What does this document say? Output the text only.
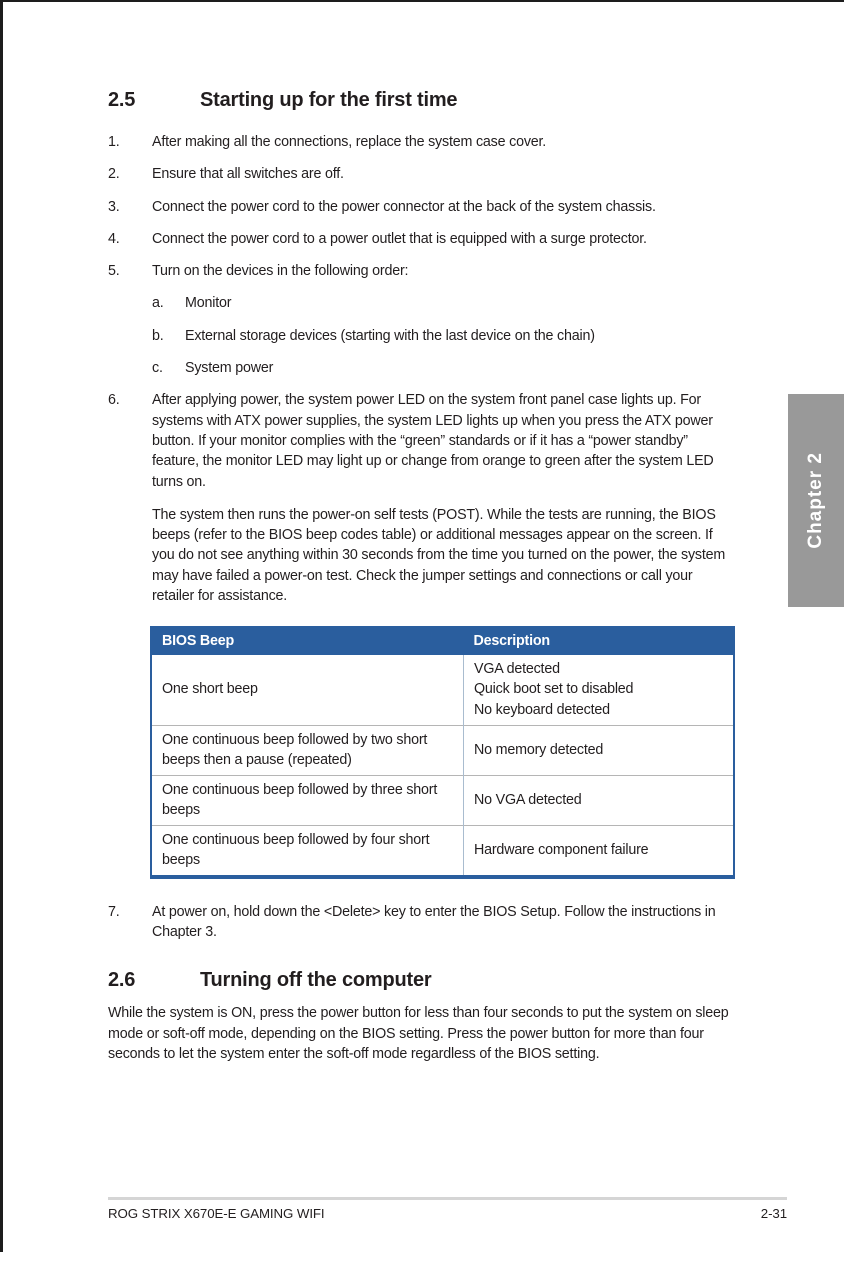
Chapter 2
2.5	Starting up for the first time
1.	After making all the connections, replace the system case cover.
2.	Ensure that all switches are off.
3.	Connect the power cord to the power connector at the back of the system chassis.
4.	Connect the power cord to a power outlet that is equipped with a surge protector.
5.	Turn on the devices in the following order:
a.	Monitor
b.	External storage devices (starting with the last device on the chain)
c.	System power
6.	After applying power, the system power LED on the system front panel case lights up. For systems with ATX power supplies, the system LED lights up when you press the ATX power button. If your monitor complies with the “green” standards or if it has a “power standby” feature, the monitor LED may light up or change from orange to green after the system LED turns on.
The system then runs the power-on self tests (POST). While the tests are running, the BIOS beeps (refer to the BIOS beep codes table) or additional messages appear on the screen. If you do not see anything within 30 seconds from the time you turned on the power, the system may have failed a power-on test. Check the jumper settings and connections or call your retailer for assistance.
BIOS Beep	Description
One short beep	VGA detected
Quick boot set to disabled
No keyboard detected

One continuous beep followed by two short beeps then a pause (repeated)	No memory detected
One continuous beep followed by three short beeps	No VGA detected
One continuous beep followed by four short beeps	Hardware component failure
7.	At power on, hold down the <Delete> key to enter the BIOS Setup. Follow the instructions in Chapter 3.
2.6	Turning off the computer
While the system is ON, press the power button for less than four seconds to put the system on sleep mode or soft-off mode, depending on the BIOS setting. Press the power button for more than four seconds to let the system enter the soft-off mode regardless of the BIOS setting.
ROG STRIX X670E-E GAMING WIFI	2-31
